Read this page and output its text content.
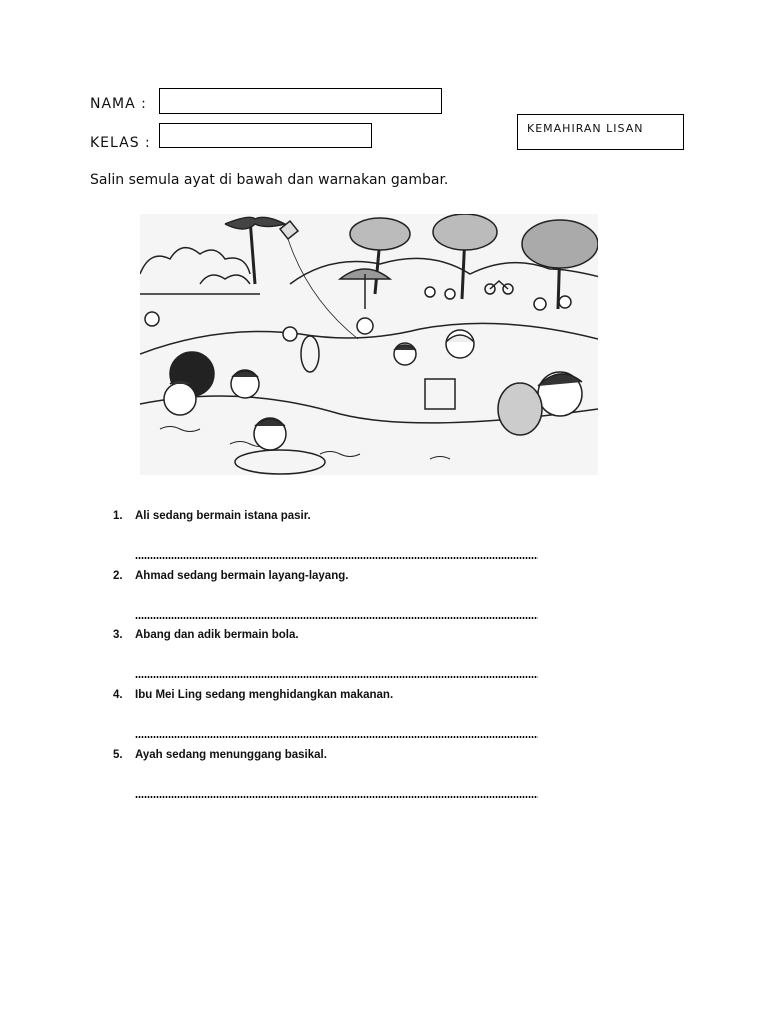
NAMA :
KELAS :
KEMAHIRAN LISAN
Salin semula ayat di bawah dan warnakan gambar.
1. Ali sedang bermain istana pasir.
2. Ahmad sedang bermain layang-layang.
3. Abang dan adik bermain bola.
4. Ibu Mei Ling sedang menghidangkan makanan.
5. Ayah sedang menunggang basikal.
